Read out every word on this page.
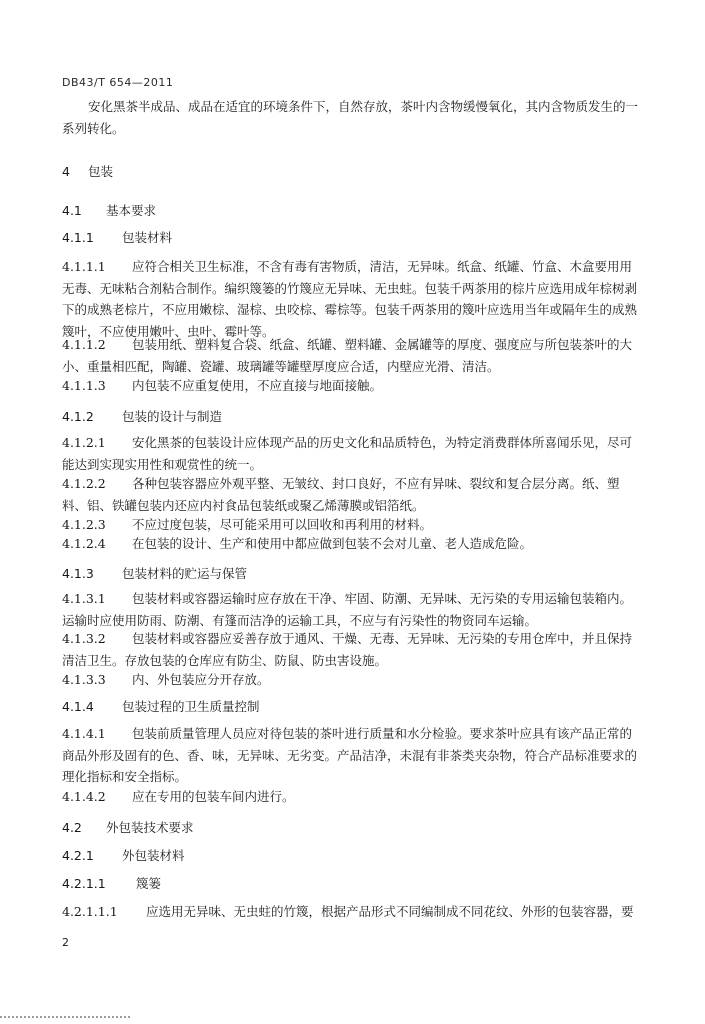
DB43/T 654—2011

安化黑茶半成品、成品在适宜的环境条件下，自然存放，茶叶内含物缓慢氧化，其内含物质发生的一系列转化。

4 包装
4.1 基本要求
4.1.1 包装材料

4.1.1.1 应符合相关卫生标准，不含有毒有害物质，清洁，无异味。纸盒、纸罐、竹盒、木盒要用用无毒、无味粘合剂粘合制作。编织篾篓的竹篾应无异味、无虫蛀。包装千两茶用的棕片应选用成年棕树剥下的成熟老棕片，不应用嫩棕、湿棕、虫咬棕、霉棕等。包装千两茶用的篾叶应选用当年或隔年生的成熟篾叶，不应使用嫩叶、虫叶、霉叶等。

4.1.1.2 包装用纸、塑料复合袋、纸盒、纸罐、塑料罐、金属罐等的厚度、强度应与所包装茶叶的大小、重量相匹配，陶罐、瓷罐、玻璃罐等罐壁厚度应合适，内壁应光滑、清洁。

4.1.1.3 内包装不应重复使用，不应直接与地面接触。

4.1.2 包装的设计与制造

4.1.2.1 安化黑茶的包装设计应体现产品的历史文化和品质特色，为特定消费群体所喜闻乐见，尽可能达到实现实用性和观赏性的统一。

4.1.2.2 各种包装容器应外观平整、无皱纹、封口良好，不应有异味、裂纹和复合层分离。纸、塑料、铝、铁罐包装内还应内衬食品包装纸或聚乙烯薄膜或铝箔纸。

4.1.2.3 不应过度包装，尽可能采用可以回收和再利用的材料。

4.1.2.4 在包装的设计、生产和使用中都应做到包装不会对儿童、老人造成危险。

4.1.3 包装材料的贮运与保管

4.1.3.1 包装材料或容器运输时应存放在干净、牢固、防潮、无异味、无污染的专用运输包装箱内。运输时应使用防雨、防潮、有篷而洁净的运输工具，不应与有污染性的物资同车运输。

4.1.3.2 包装材料或容器应妥善存放于通风、干燥、无毒、无异味、无污染的专用仓库中，并且保持清洁卫生。存放包装的仓库应有防尘、防鼠、防虫害设施。

4.1.3.3 内、外包装应分开存放。

4.1.4 包装过程的卫生质量控制

4.1.4.1 包装前质量管理人员应对待包装的茶叶进行质量和水分检验。要求茶叶应具有该产品正常的商品外形及固有的色、香、味，无异味、无劣变。产品洁净，未混有非茶类夹杂物，符合产品标准要求的理化指标和安全指标。

4.1.4.2 应在专用的包装车间内进行。

4.2 外包装技术要求
4.2.1 外包装材料
4.2.1.1 篾篓

4.2.1.1.1 应选用无异味、无虫蛀的竹篾，根据产品形式不同编制成不同花纹、外形的包装容器，要

2
